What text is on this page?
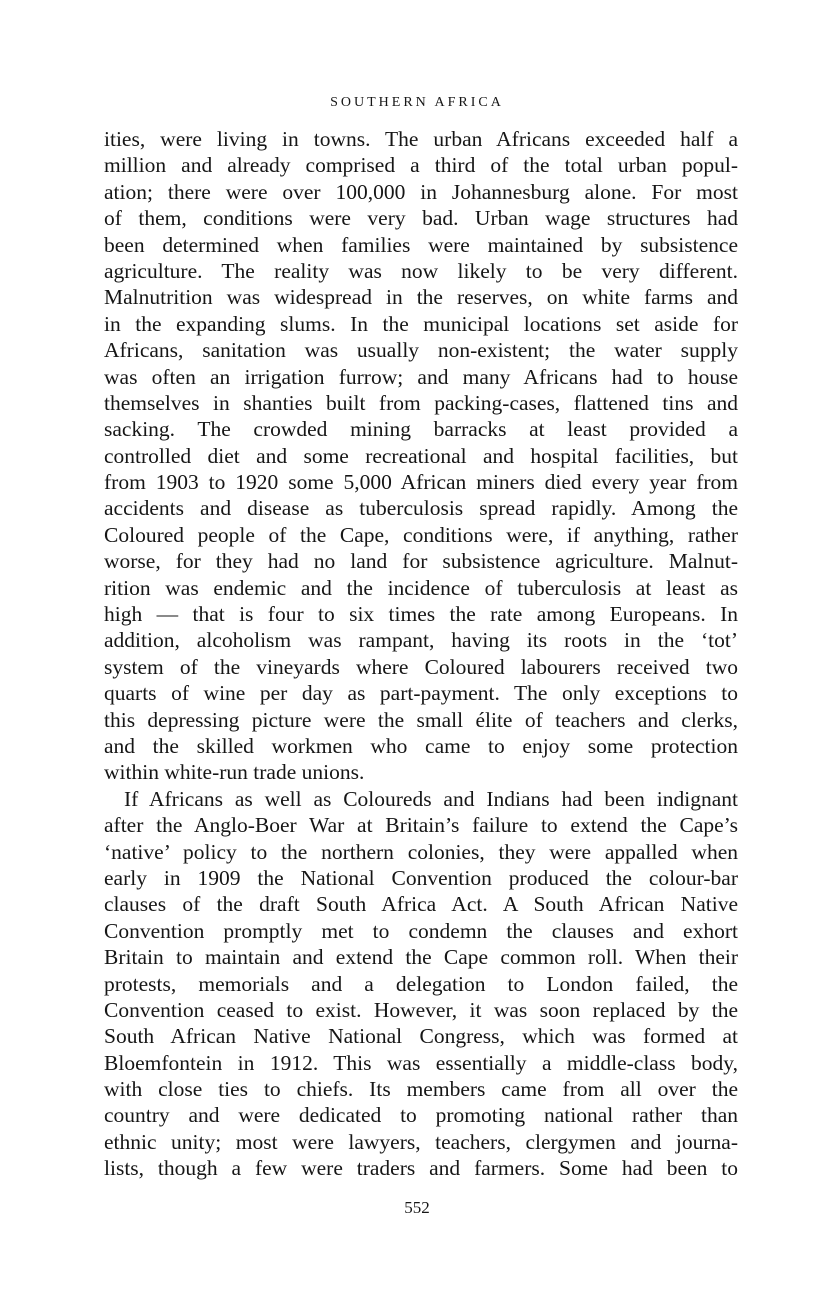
SOUTHERN AFRICA
ities, were living in towns. The urban Africans exceeded half a
million and already comprised a third of the total urban popul-
ation; there were over 100,000 in Johannesburg alone. For most
of them, conditions were very bad. Urban wage structures had
been determined when families were maintained by subsistence
agriculture. The reality was now likely to be very different.
Malnutrition was widespread in the reserves, on white farms and
in the expanding slums. In the municipal locations set aside for
Africans, sanitation was usually non-existent; the water supply
was often an irrigation furrow; and many Africans had to house
themselves in shanties built from packing-cases, flattened tins and
sacking. The crowded mining barracks at least provided a
controlled diet and some recreational and hospital facilities, but
from 1903 to 1920 some 5,000 African miners died every year from
accidents and disease as tuberculosis spread rapidly. Among the
Coloured people of the Cape, conditions were, if anything, rather
worse, for they had no land for subsistence agriculture. Malnut-
rition was endemic and the incidence of tuberculosis at least as
high — that is four to six times the rate among Europeans. In
addition, alcoholism was rampant, having its roots in the ‘tot’
system of the vineyards where Coloured labourers received two
quarts of wine per day as part-payment. The only exceptions to
this depressing picture were the small élite of teachers and clerks,
and the skilled workmen who came to enjoy some protection
within white-run trade unions.
If Africans as well as Coloureds and Indians had been indignant
after the Anglo-Boer War at Britain’s failure to extend the Cape’s
‘native’ policy to the northern colonies, they were appalled when
early in 1909 the National Convention produced the colour-bar
clauses of the draft South Africa Act. A South African Native
Convention promptly met to condemn the clauses and exhort
Britain to maintain and extend the Cape common roll. When their
protests, memorials and a delegation to London failed, the
Convention ceased to exist. However, it was soon replaced by the
South African Native National Congress, which was formed at
Bloemfontein in 1912. This was essentially a middle-class body,
with close ties to chiefs. Its members came from all over the
country and were dedicated to promoting national rather than
ethnic unity; most were lawyers, teachers, clergymen and journa-
lists, though a few were traders and farmers. Some had been to
552
